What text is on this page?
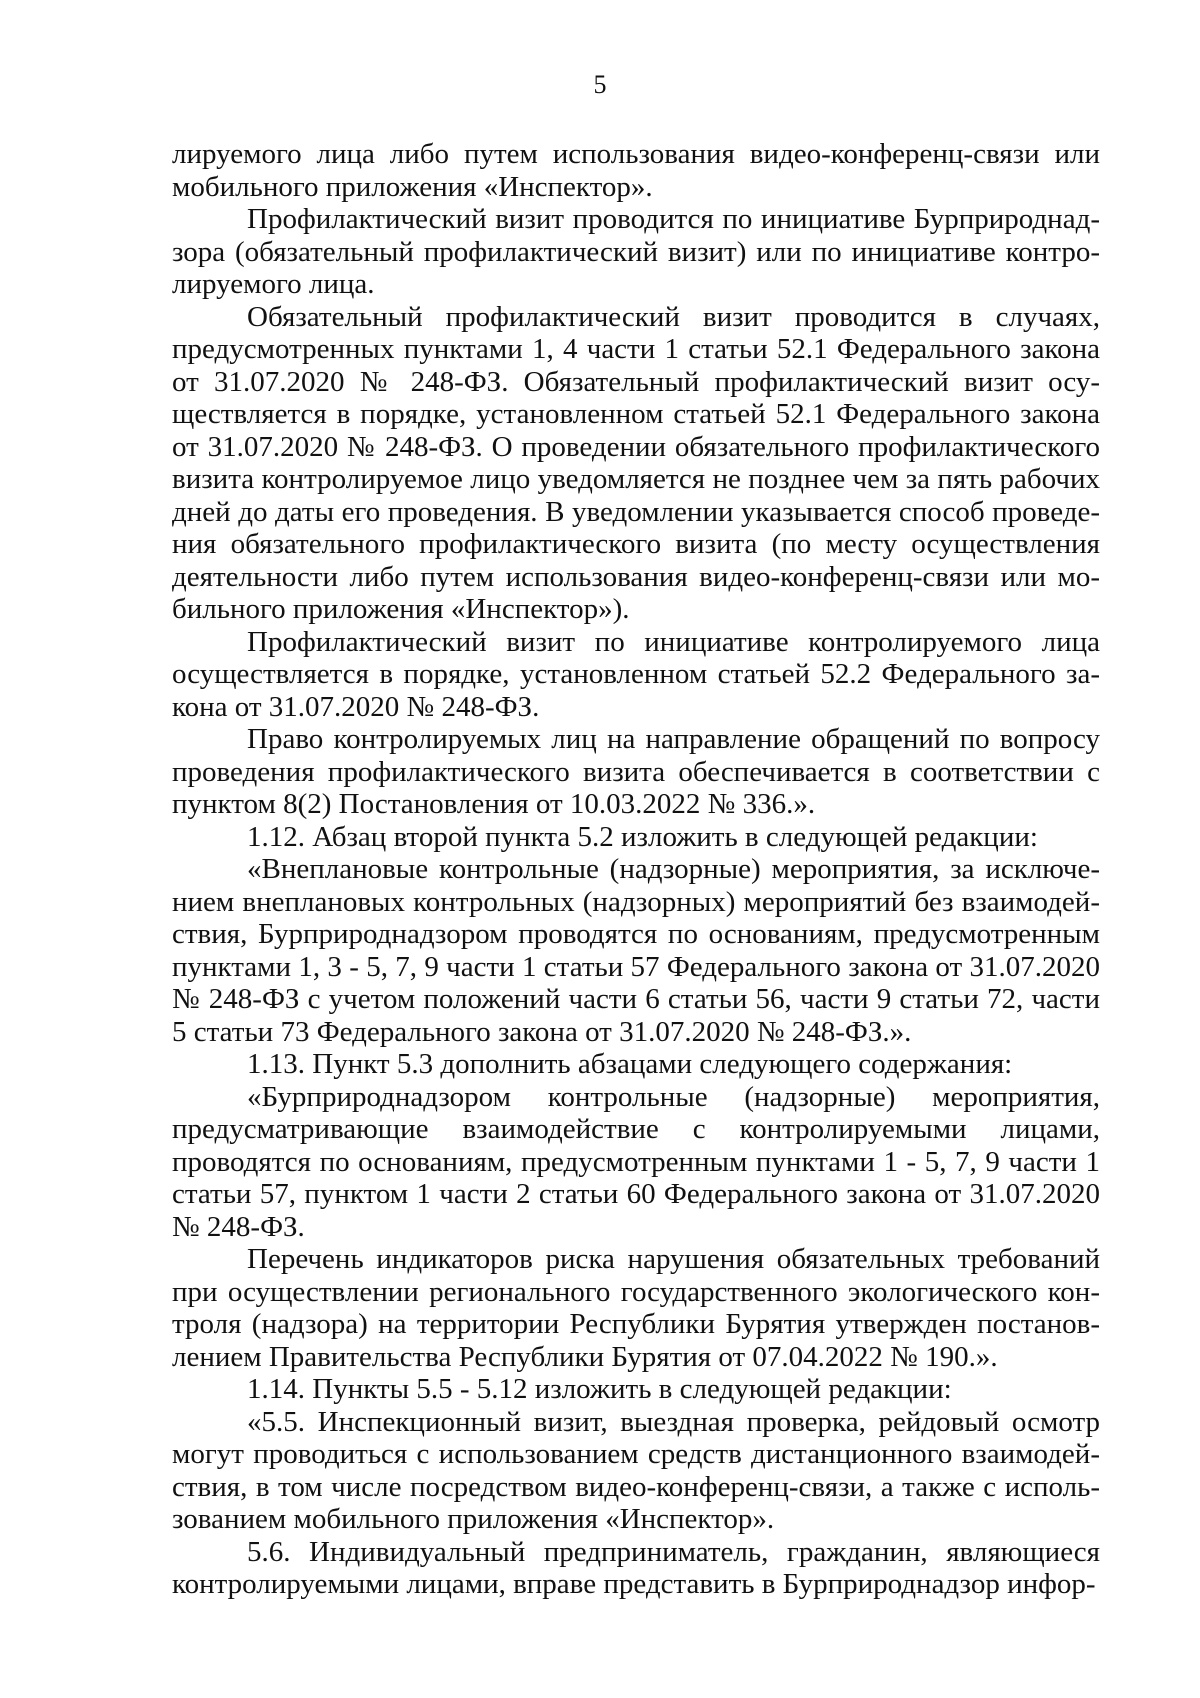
5

лируемого лица либо путем использования видео-конференц-связи или мобильного приложения «Инспектор».

Профилактический визит проводится по инициативе Бурприроднадзора (обязательный профилактический визит) или по инициативе контролируемого лица.

Обязательный профилактический визит проводится в случаях, предусмотренных пунктами 1, 4 части 1 статьи 52.1 Федерального закона от 31.07.2020 № 248-ФЗ. Обязательный профилактический визит осуществляется в порядке, установленном статьей 52.1 Федерального закона от 31.07.2020 № 248-ФЗ. О проведении обязательного профилактического визита контролируемое лицо уведомляется не позднее чем за пять рабочих дней до даты его проведения. В уведомлении указывается способ проведения обязательного профилактического визита (по месту осуществления деятельности либо путем использования видео-конференц-связи или мобильного приложения «Инспектор»).

Профилактический визит по инициативе контролируемого лица осуществляется в порядке, установленном статьей 52.2 Федерального закона от 31.07.2020 № 248-ФЗ.

Право контролируемых лиц на направление обращений по вопросу проведения профилактического визита обеспечивается в соответствии с пунктом 8(2) Постановления от 10.03.2022 № 336.».

1.12. Абзац второй пункта 5.2 изложить в следующей редакции:

«Внеплановые контрольные (надзорные) мероприятия, за исключением внеплановых контрольных (надзорных) мероприятий без взаимодействия, Бурприроднадзором проводятся по основаниям, предусмотренным пунктами 1, 3 - 5, 7, 9 части 1 статьи 57 Федерального закона от 31.07.2020 № 248-ФЗ с учетом положений части 6 статьи 56, части 9 статьи 72, части 5 статьи 73 Федерального закона от 31.07.2020 № 248-ФЗ.».

1.13. Пункт 5.3 дополнить абзацами следующего содержания:

«Бурприроднадзором контрольные (надзорные) мероприятия, предусматривающие взаимодействие с контролируемыми лицами, проводятся по основаниям, предусмотренным пунктами 1 - 5, 7, 9 части 1 статьи 57, пунктом 1 части 2 статьи 60 Федерального закона от 31.07.2020 № 248-ФЗ.

Перечень индикаторов риска нарушения обязательных требований при осуществлении регионального государственного экологического контроля (надзора) на территории Республики Бурятия утвержден постановлением Правительства Республики Бурятия от 07.04.2022 № 190.».

1.14. Пункты 5.5 - 5.12 изложить в следующей редакции:

«5.5. Инспекционный визит, выездная проверка, рейдовый осмотр могут проводиться с использованием средств дистанционного взаимодействия, в том числе посредством видео-конференц-связи, а также с использованием мобильного приложения «Инспектор».

5.6. Индивидуальный предприниматель, гражданин, являющиеся контролируемыми лицами, вправе представить в Бурприроднадзор инфор-
